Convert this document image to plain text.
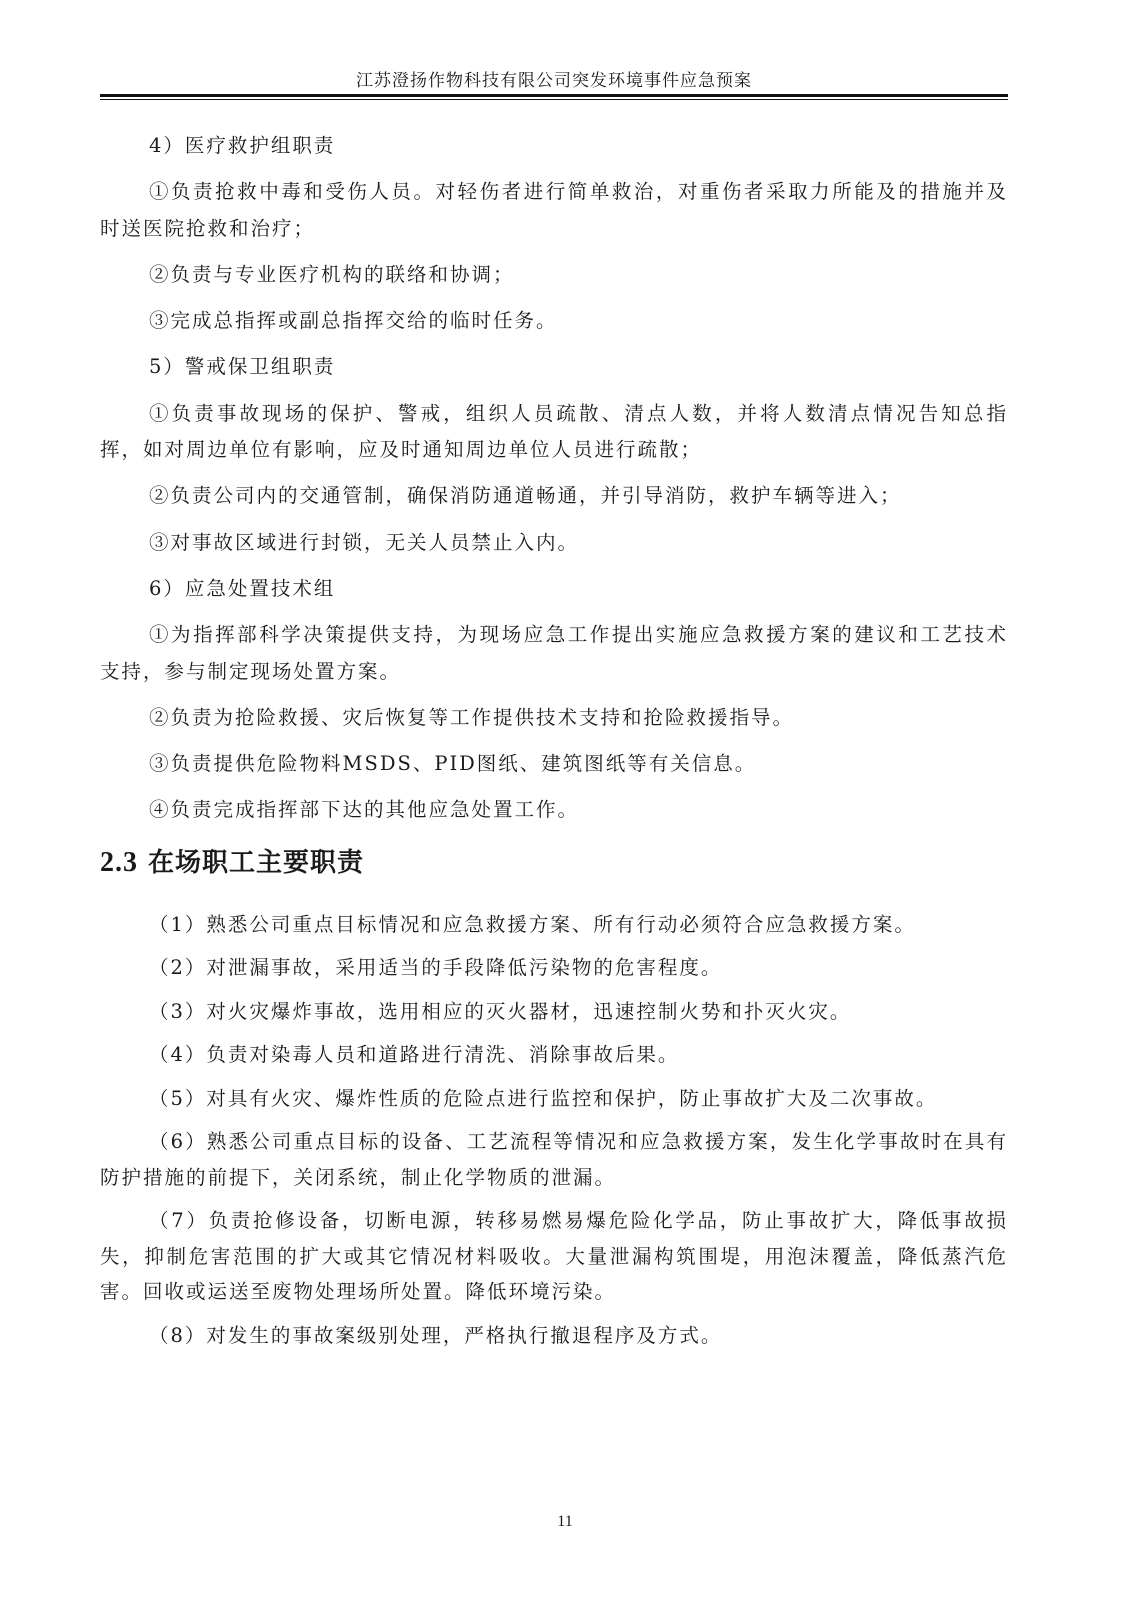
江苏澄扬作物科技有限公司突发环境事件应急预案

4）医疗救护组职责

①负责抢救中毒和受伤人员。对轻伤者进行简单救治，对重伤者采取力所能及的措施并及时送医院抢救和治疗；

②负责与专业医疗机构的联络和协调；

③完成总指挥或副总指挥交给的临时任务。

5）警戒保卫组职责

①负责事故现场的保护、警戒，组织人员疏散、清点人数，并将人数清点情况告知总指挥，如对周边单位有影响，应及时通知周边单位人员进行疏散；

②负责公司内的交通管制，确保消防通道畅通，并引导消防，救护车辆等进入；

③对事故区域进行封锁，无关人员禁止入内。

6）应急处置技术组

①为指挥部科学决策提供支持，为现场应急工作提出实施应急救援方案的建议和工艺技术支持，参与制定现场处置方案。

②负责为抢险救援、灾后恢复等工作提供技术支持和抢险救援指导。

③负责提供危险物料MSDS、PID图纸、建筑图纸等有关信息。

④负责完成指挥部下达的其他应急处置工作。

2.3 在场职工主要职责

（1）熟悉公司重点目标情况和应急救援方案、所有行动必须符合应急救援方案。

（2）对泄漏事故，采用适当的手段降低污染物的危害程度。

（3）对火灾爆炸事故，选用相应的灭火器材，迅速控制火势和扑灭火灾。

（4）负责对染毒人员和道路进行清洗、消除事故后果。

（5）对具有火灾、爆炸性质的危险点进行监控和保护，防止事故扩大及二次事故。

（6）熟悉公司重点目标的设备、工艺流程等情况和应急救援方案，发生化学事故时在具有防护措施的前提下，关闭系统，制止化学物质的泄漏。

（7）负责抢修设备，切断电源，转移易燃易爆危险化学品，防止事故扩大，降低事故损失，抑制危害范围的扩大或其它情况材料吸收。大量泄漏构筑围堤，用泡沫覆盖，降低蒸汽危害。回收或运送至废物处理场所处置。降低环境污染。

（8）对发生的事故案级别处理，严格执行撤退程序及方式。

11
